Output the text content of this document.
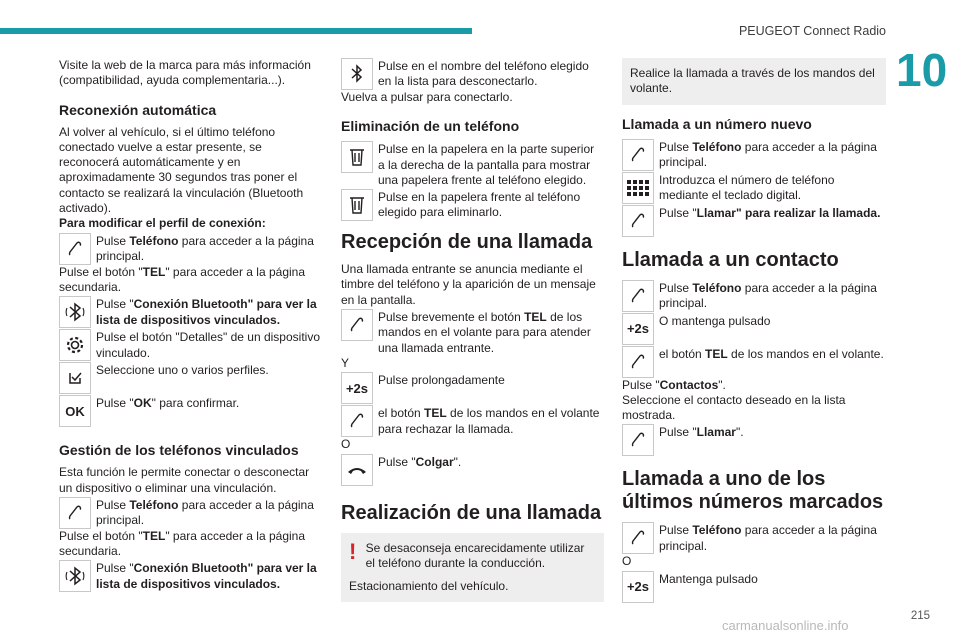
PEUGEOT Connect Radio
10

Visite la web de la marca para más información (compatibilidad, ayuda complementaria...).

Reconexión automática

Al volver al vehículo, si el último teléfono conectado vuelve a estar presente, se reconocerá automáticamente y en aproximadamente 30 segundos tras poner el contacto se realizará la vinculación (Bluetooth activado).

Para modificar el perfil de conexión:

Pulse Teléfono para acceder a la página principal.

Pulse el botón "TEL" para acceder a la página secundaria.

Pulse "Conexión Bluetooth" para ver la lista de dispositivos vinculados.

Pulse el botón "Detalles" de un dispositivo vinculado.

Seleccione uno o varios perfiles.

OK

Pulse "OK" para confirmar.

Gestión de los teléfonos vinculados

Esta función le permite conectar o desconectar un dispositivo o eliminar una vinculación.

Pulse Teléfono para acceder a la página principal.

Pulse el botón "TEL" para acceder a la página secundaria.

Pulse "Conexión Bluetooth" para ver la lista de dispositivos vinculados.

Pulse en el nombre del teléfono elegido en la lista para desconectarlo.

Vuelva a pulsar para conectarlo.

Eliminación de un teléfono

Pulse en la papelera en la parte superior a la derecha de la pantalla para mostrar una papelera frente al teléfono elegido.

Pulse en la papelera frente al teléfono elegido para eliminarlo.

Recepción de una llamada

Una llamada entrante se anuncia mediante el timbre del teléfono y la aparición de un mensaje en la pantalla.

Pulse brevemente el botón TEL de los mandos en el volante para para atender una llamada entrante.

Y

+2s

Pulse prolongadamente

el botón TEL de los mandos en el volante para rechazar la llamada.

O

Pulse "Colgar".

Realización de una llamada
! Se desaconseja encarecidamente utilizar el teléfono durante la conducción.

Estacionamiento del vehículo.

Realice la llamada a través de los mandos del volante.

Llamada a un número nuevo

Pulse Teléfono para acceder a la página principal.

Introduzca el número de teléfono mediante el teclado digital.

Pulse "Llamar" para realizar la llamada.

Llamada a un contacto

Pulse Teléfono para acceder a la página principal.

+2s

O mantenga pulsado

el botón TEL de los mandos en el volante.

Pulse "Contactos".

Seleccione el contacto deseado en la lista mostrada.

Pulse "Llamar".

Llamada a uno de los últimos números marcados

Pulse Teléfono para acceder a la página principal.

O

+2s

Mantenga pulsado

carmanualsonline.info
215
